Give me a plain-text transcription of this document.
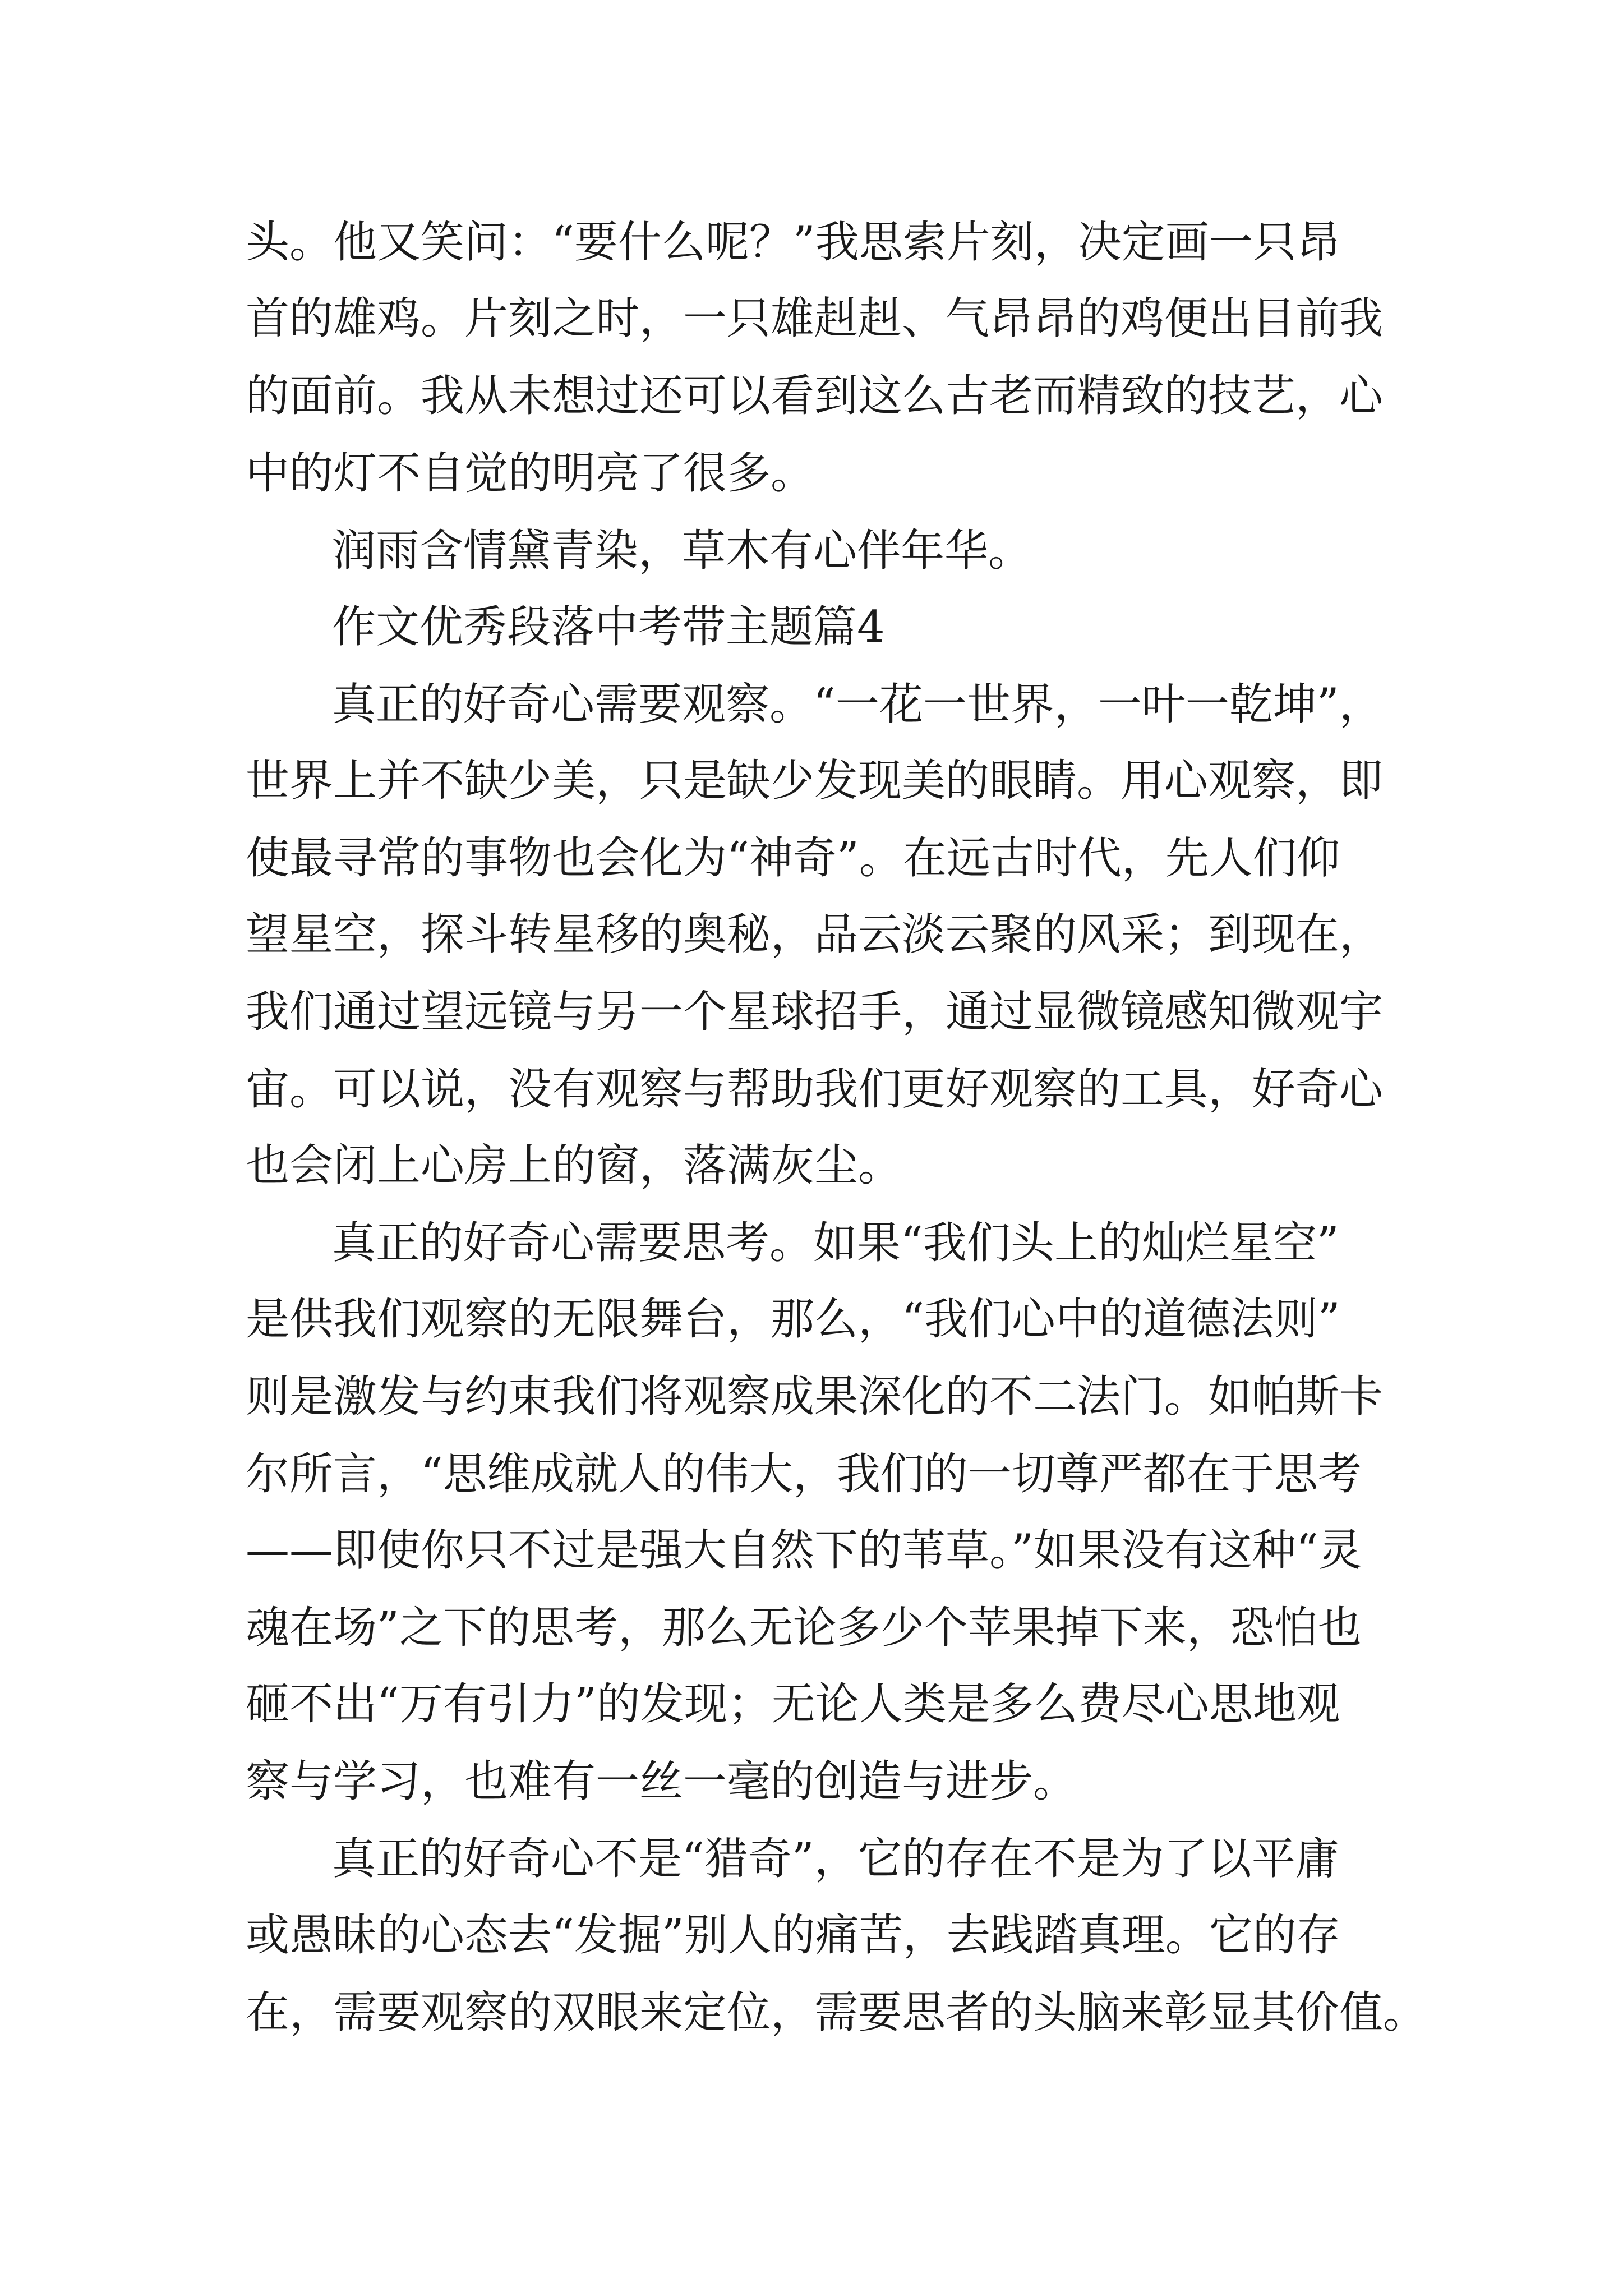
头。他又笑问：“要什么呢？”我思索片刻，决定画一只昂
首的雄鸡。片刻之时，一只雄赳赳、气昂昂的鸡便出目前我
的面前。我从未想过还可以看到这么古老而精致的技艺，心
中的灯不自觉的明亮了很多。
润雨含情黛青染，草木有心伴年华。
作文优秀段落中考带主题篇4
真正的好奇心需要观察。“一花一世界，一叶一乾坤”，
世界上并不缺少美，只是缺少发现美的眼睛。用心观察，即
使最寻常的事物也会化为“神奇”。在远古时代，先人们仰
望星空，探斗转星移的奥秘，品云淡云聚的风采；到现在，
我们通过望远镜与另一个星球招手，通过显微镜感知微观宇
宙。可以说，没有观察与帮助我们更好观察的工具，好奇心
也会闭上心房上的窗，落满灰尘。
真正的好奇心需要思考。如果“我们头上的灿烂星空”
是供我们观察的无限舞台，那么，“我们心中的道德法则”
则是激发与约束我们将观察成果深化的不二法门。如帕斯卡
尔所言，“思维成就人的伟大，我们的一切尊严都在于思考
——即使你只不过是强大自然下的苇草。”如果没有这种“灵
魂在场”之下的思考，那么无论多少个苹果掉下来，恐怕也
砸不出“万有引力”的发现；无论人类是多么费尽心思地观
察与学习，也难有一丝一毫的创造与进步。
真正的好奇心不是“猎奇”，它的存在不是为了以平庸
或愚昧的心态去“发掘”别人的痛苦，去践踏真理。它的存
在，需要观察的双眼来定位，需要思者的头脑来彰显其价值。
